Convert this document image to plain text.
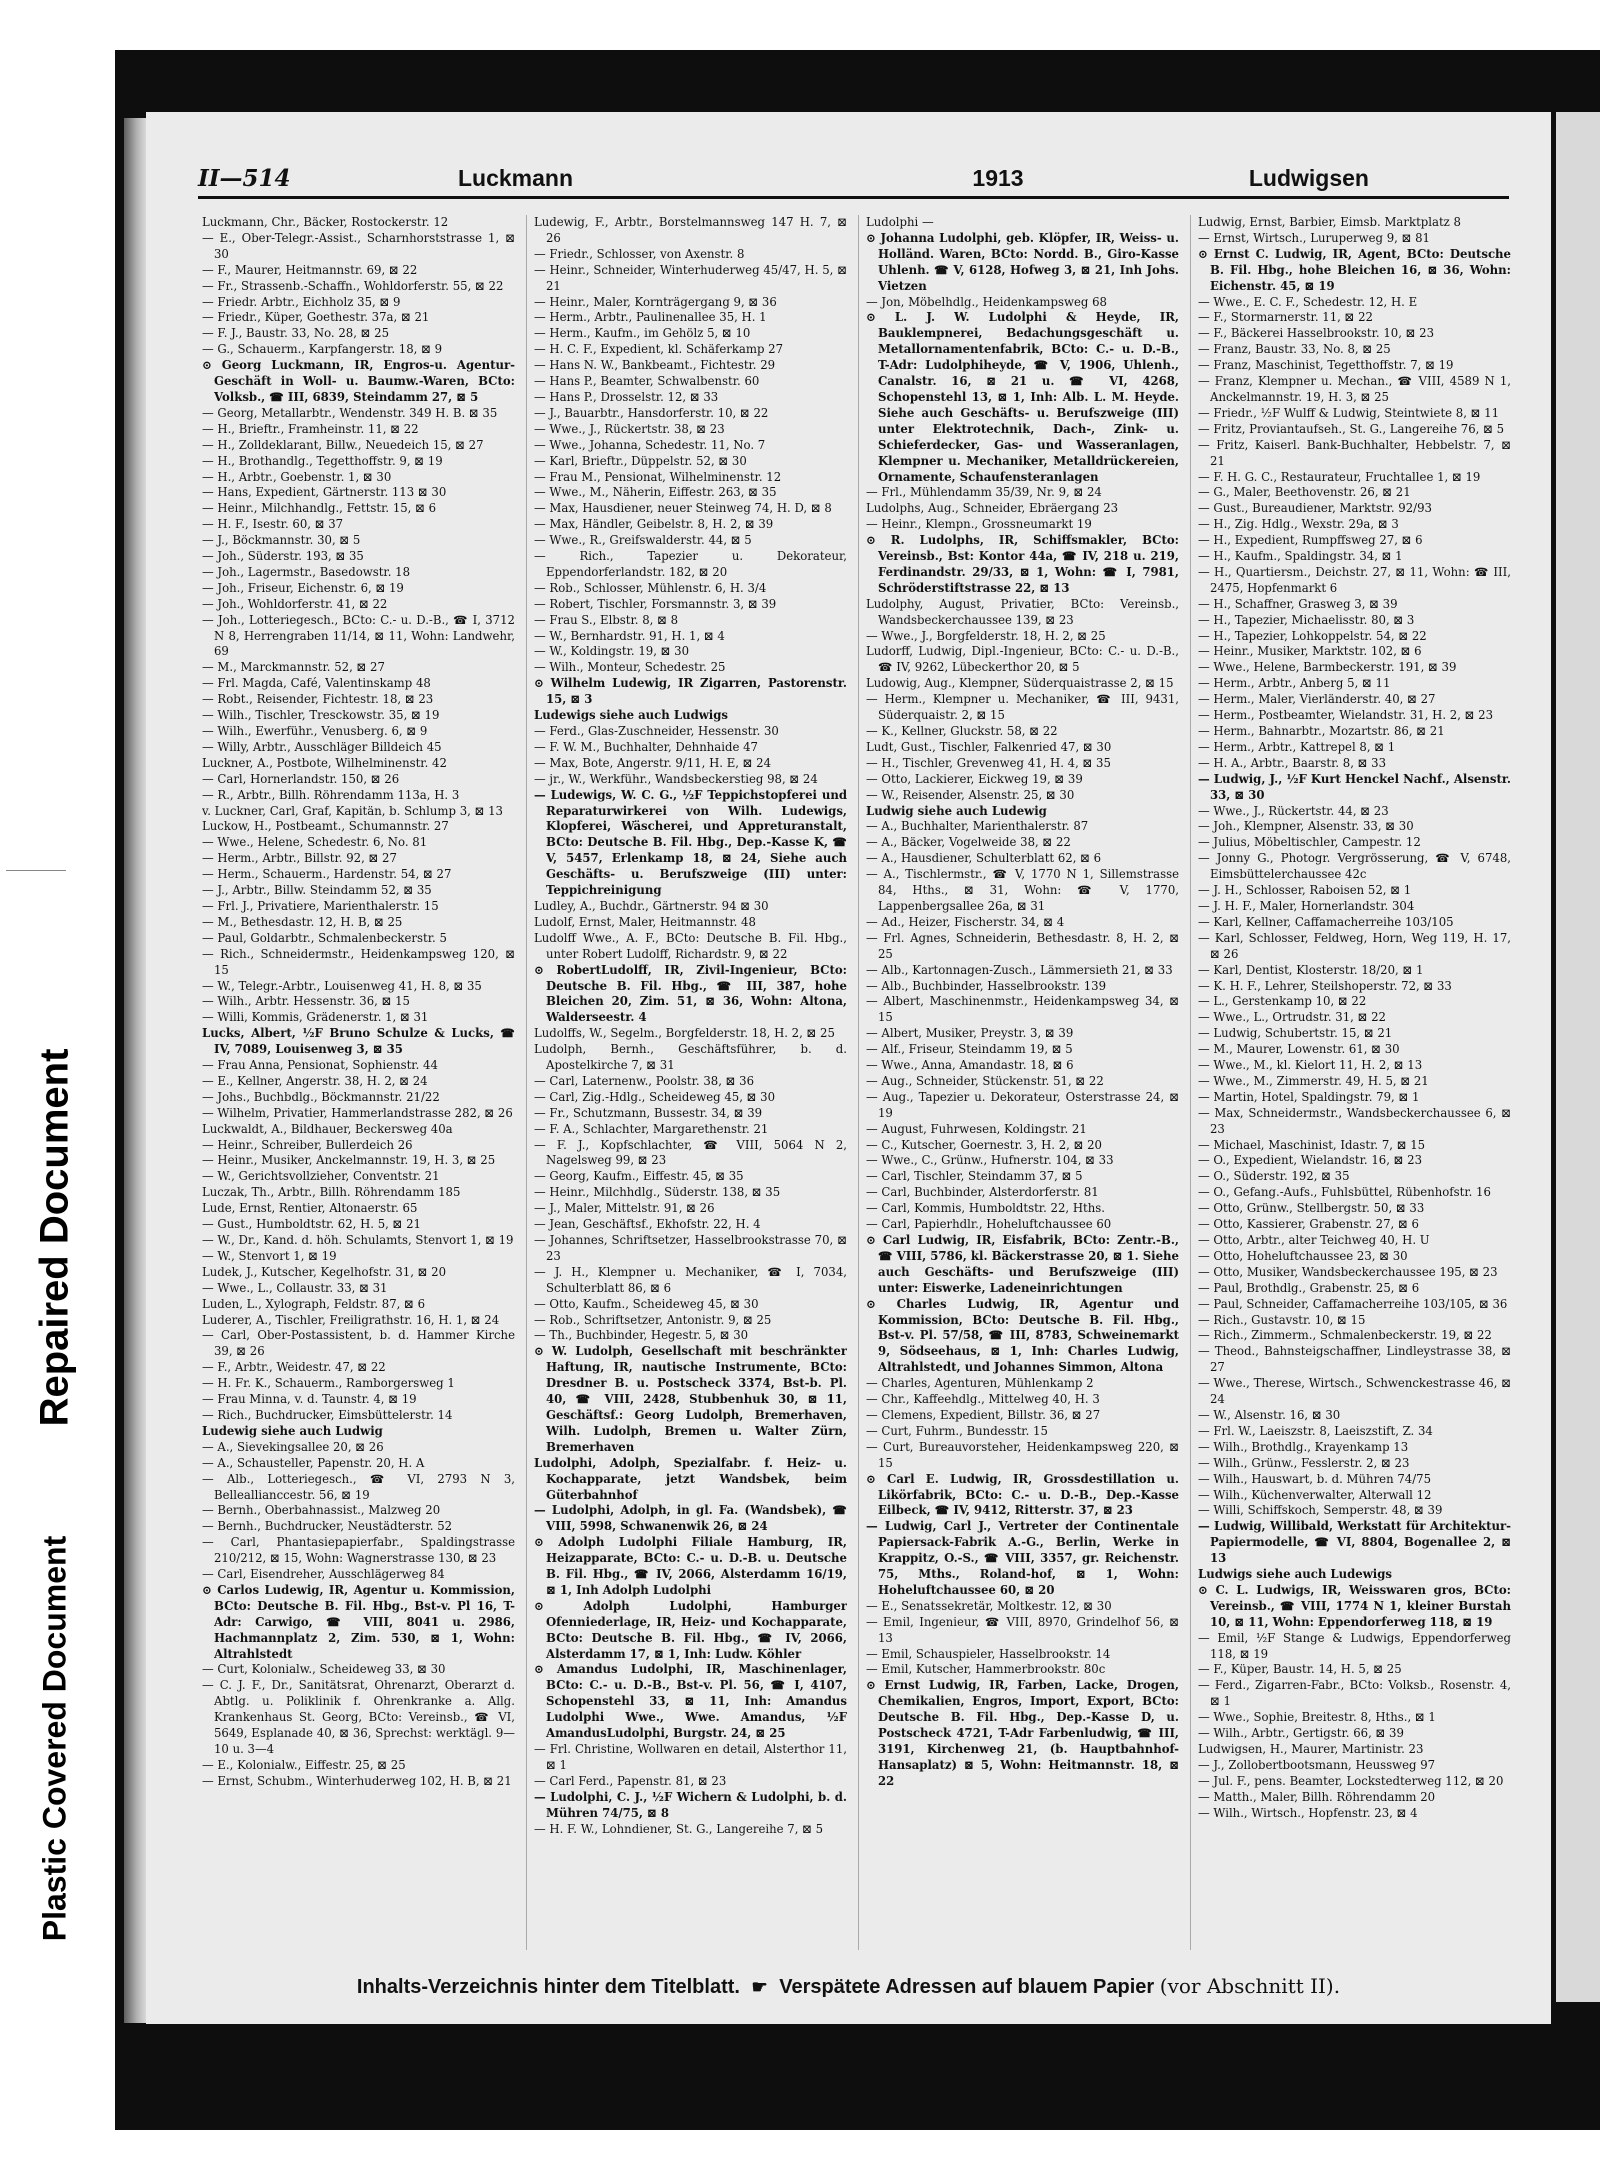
Plastic Covered Document
Repaired Document
II—514	Luckmann	1913	Ludwigsen

Luckmann, Chr., Bäcker, Rostockerstr. 12

— E., Ober-Telegr.-Assist., Scharnhorststrasse 1, ⊠ 30

— F., Maurer, Heitmannstr. 69, ⊠ 22

— Fr., Strassenb.-Schaffn., Wohldorferstr. 55, ⊠ 22

— Friedr. Arbtr., Eichholz 35, ⊠ 9

— Friedr., Küper, Goethestr. 37a, ⊠ 21

— F. J., Baustr. 33, No. 28, ⊠ 25

— G., Schauerm., Karpfangerstr. 18, ⊠ 9

⊙ Georg Luckmann, IR, Engros-u. Agentur-Geschäft in Woll- u. Baumw.-Waren, BCto: Volksb., ☎ III, 6839, Steindamm 27, ⊠ 5

— Georg, Metallarbtr., Wendenstr. 349 H. B. ⊠ 35

— H., Brieftr., Framheinstr. 11, ⊠ 22

— H., Zolldeklarant, Billw., Neuedeich 15, ⊠ 27

— H., Brothandlg., Tegetthoffstr. 9, ⊠ 19

— H., Arbtr., Goebenstr. 1, ⊠ 30

— Hans, Expedient, Gärtnerstr. 113 ⊠ 30

— Heinr., Milchhandlg., Fettstr. 15, ⊠ 6

— H. F., Isestr. 60, ⊠ 37

— J., Böckmannstr. 30, ⊠ 5

— Joh., Süderstr. 193, ⊠ 35

— Joh., Lagermstr., Basedowstr. 18

— Joh., Friseur, Eichenstr. 6, ⊠ 19

— Joh., Wohldorferstr. 41, ⊠ 22

— Joh., Lotteriegesch., BCto: C.- u. D.-B., ☎ I, 3712 N 8, Herrengraben 11/14, ⊠ 11, Wohn: Landwehr, 69

— M., Marckmannstr. 52, ⊠ 27

— Frl. Magda, Café, Valentinskamp 48

— Robt., Reisender, Fichtestr. 18, ⊠ 23

— Wilh., Tischler, Tresckowstr. 35, ⊠ 19

— Wilh., Ewerführ., Venusberg. 6, ⊠ 9

— Willy, Arbtr., Ausschläger Billdeich 45

Luckner, A., Postbote, Wilhelminenstr. 42

— Carl, Hornerlandstr. 150, ⊠ 26

— R., Arbtr., Billh. Röhrendamm 113a, H. 3

v. Luckner, Carl, Graf, Kapitän, b. Schlump 3, ⊠ 13

Luckow, H., Postbeamt., Schumannstr. 27

— Wwe., Helene, Schedestr. 6, No. 81

— Herm., Arbtr., Billstr. 92, ⊠ 27

— Herm., Schauerm., Hardenstr. 54, ⊠ 27

— J., Arbtr., Billw. Steindamm 52, ⊠ 35

— Frl. J., Privatiere, Marienthalerstr. 15

— M., Bethesdastr. 12, H. B, ⊠ 25

— Paul, Goldarbtr., Schmalenbeckerstr. 5

— Rich., Schneidermstr., Heidenkampsweg 120, ⊠ 15

— W., Telegr.-Arbtr., Louisenweg 41, H. 8, ⊠ 35

— Wilh., Arbtr. Hessenstr. 36, ⊠ 15

— Willi, Kommis, Grädenerstr. 1, ⊠ 31

Lucks, Albert, ½F Bruno Schulze & Lucks, ☎ IV, 7089, Louisenweg 3, ⊠ 35

— Frau Anna, Pensionat, Sophienstr. 44

— E., Kellner, Angerstr. 38, H. 2, ⊠ 24

— Johs., Buchbdlg., Böckmannstr. 21/22

— Wilhelm, Privatier, Hammerlandstrasse 282, ⊠ 26

Luckwaldt, A., Bildhauer, Beckersweg 40a

— Heinr., Schreiber, Bullerdeich 26

— Heinr., Musiker, Anckelmannstr. 19, H. 3, ⊠ 25

— W., Gerichtsvollzieher, Conventstr. 21

Luczak, Th., Arbtr., Billh. Röhrendamm 185

Lude, Ernst, Rentier, Altonaerstr. 65

— Gust., Humboldtstr. 62, H. 5, ⊠ 21

— W., Dr., Kand. d. höh. Schulamts, Stenvort 1, ⊠ 19

— W., Stenvort 1, ⊠ 19

Ludek, J., Kutscher, Kegelhofstr. 31, ⊠ 20

— Wwe., L., Collaustr. 33, ⊠ 31

Luden, L., Xylograph, Feldstr. 87, ⊠ 6

Luderer, A., Tischler, Freiligrathstr. 16, H. 1, ⊠ 24

— Carl, Ober-Postassistent, b. d. Hammer Kirche 39, ⊠ 26

— F., Arbtr., Weidestr. 47, ⊠ 22

— H. Fr. K., Schauerm., Ramborgersweg 1

— Frau Minna, v. d. Taunstr. 4, ⊠ 19

— Rich., Buchdrucker, Eimsbüttelerstr. 14

Ludewig siehe auch Ludwig

— A., Sievekingsallee 20, ⊠ 26

— A., Schausteller, Papenstr. 20, H. A

— Alb., Lotteriegesch., ☎ VI, 2793 N 3, Belleallianccestr. 56, ⊠ 19

— Bernh., Oberbahnassist., Malzweg 20

— Bernh., Buchdrucker, Neustädterstr. 52

— Carl, Phantasiepapierfabr., Spaldingstrasse 210/212, ⊠ 15, Wohn: Wagnerstrasse 130, ⊠ 23

— Carl, Eisendreher, Ausschlägerweg 84

⊙ Carlos Ludewig, IR, Agentur u. Kommission, BCto: Deutsche B. Fil. Hbg., Bst-v. Pl 16, T-Adr: Carwigo, ☎ VIII, 8041 u. 2986, Hachmannplatz 2, Zim. 530, ⊠ 1, Wohn: Altrahlstedt

— Curt, Kolonialw., Scheideweg 33, ⊠ 30

— C. J. F., Dr., Sanitätsrat, Ohrenarzt, Oberarzt d. Abtlg. u. Poliklinik f. Ohrenkranke a. Allg. Krankenhaus St. Georg, BCto: Vereinsb., ☎ VI, 5649, Esplanade 40, ⊠ 36, Sprechst: werktägl. 9—10 u. 3—4

— E., Kolonialw., Eiffestr. 25, ⊠ 25

— Ernst, Schubm., Winterhuderweg 102, H. B, ⊠ 21

Ludewig, F., Arbtr., Borstelmannsweg 147 H. 7, ⊠ 26

— Friedr., Schlosser, von Axenstr. 8

— Heinr., Schneider, Winterhuderweg 45/47, H. 5, ⊠ 21

— Heinr., Maler, Kornträgergang 9, ⊠ 36

— Herm., Arbtr., Paulinenallee 35, H. 1

— Herm., Kaufm., im Gehölz 5, ⊠ 10

— H. C. F., Expedient, kl. Schäferkamp 27

— Hans N. W., Bankbeamt., Fichtestr. 29

— Hans P., Beamter, Schwalbenstr. 60

— Hans P., Drosselstr. 12, ⊠ 33

— J., Bauarbtr., Hansdorferstr. 10, ⊠ 22

— Wwe., J., Rückertstr. 38, ⊠ 23

— Wwe., Johanna, Schedestr. 11, No. 7

— Karl, Brieftr., Düppelstr. 52, ⊠ 30

— Frau M., Pensionat, Wilhelminenstr. 12

— Wwe., M., Näherin, Eiffestr. 263, ⊠ 35

— Max, Hausdiener, neuer Steinweg 74, H. D, ⊠ 8

— Max, Händler, Geibelstr. 8, H. 2, ⊠ 39

— Wwe., R., Greifswalderstr. 44, ⊠ 5

— Rich., Tapezier u. Dekorateur, Eppendorferlandstr. 182, ⊠ 20

— Rob., Schlosser, Mühlenstr. 6, H. 3/4

— Robert, Tischler, Forsmannstr. 3, ⊠ 39

— Frau S., Elbstr. 8, ⊠ 8

— W., Bernhardstr. 91, H. 1, ⊠ 4

— W., Koldingstr. 19, ⊠ 30

— Wilh., Monteur, Schedestr. 25

⊙ Wilhelm Ludewig, IR Zigarren, Pastorenstr. 15, ⊠ 3

Ludewigs siehe auch Ludwigs

— Ferd., Glas-Zuschneider, Hessenstr. 30

— F. W. M., Buchhalter, Dehnhaide 47

— Max, Bote, Angerstr. 9/11, H. E, ⊠ 24

— jr., W., Werkführ., Wandsbeckerstieg 98, ⊠ 24

— Ludewigs, W. C. G., ½F Teppichstopferei und Reparaturwirkerei von Wilh. Ludewigs, Klopferei, Wäscherei, und Appreturanstalt, BCto: Deutsche B. Fil. Hbg., Dep.-Kasse K, ☎ V, 5457, Erlenkamp 18, ⊠ 24, Siehe auch Geschäfts- u. Berufszweige (III) unter: Teppichreinigung

Ludley, A., Buchdr., Gärtnerstr. 94 ⊠ 30

Ludolf, Ernst, Maler, Heitmannstr. 48

Ludolff Wwe., A. F., BCto: Deutsche B. Fil. Hbg., unter Robert Ludolff, Richardstr. 9, ⊠ 22

⊙ RobertLudolff, IR, Zivil-Ingenieur, BCto: Deutsche B. Fil. Hbg., ☎ III, 387, hohe Bleichen 20, Zim. 51, ⊠ 36, Wohn: Altona, Walderseestr. 4

Ludolffs, W., Segelm., Borgfelderstr. 18, H. 2, ⊠ 25

Ludolph, Bernh., Geschäftsführer, b. d. Apostelkirche 7, ⊠ 31

— Carl, Laternenw., Poolstr. 38, ⊠ 36

— Carl, Zig.-Hdlg., Scheideweg 45, ⊠ 30

— Fr., Schutzmann, Bussestr. 34, ⊠ 39

— F. A., Schlachter, Margarethenstr. 21

— F. J., Kopfschlachter, ☎ VIII, 5064 N 2, Nagelsweg 99, ⊠ 23

— Georg, Kaufm., Eiffestr. 45, ⊠ 35

— Heinr., Milchhdlg., Süderstr. 138, ⊠ 35

— J., Maler, Mittelstr. 91, ⊠ 26

— Jean, Geschäftsf., Ekhofstr. 22, H. 4

— Johannes, Schriftsetzer, Hasselbrookstrasse 70, ⊠ 23

— J. H., Klempner u. Mechaniker, ☎ I, 7034, Schulterblatt 86, ⊠ 6

— Otto, Kaufm., Scheideweg 45, ⊠ 30

— Rob., Schriftsetzer, Antonistr. 9, ⊠ 25

— Th., Buchbinder, Hegestr. 5, ⊠ 30

⊙ W. Ludolph, Gesellschaft mit beschränkter Haftung, IR, nautische Instrumente, BCto: Dresdner B. u. Postscheck 3374, Bst-b. Pl. 40, ☎ VIII, 2428, Stubbenhuk 30, ⊠ 11, Geschäftsf.: Georg Ludolph, Bremerhaven, Wilh. Ludolph, Bremen u. Walter Zürn, Bremerhaven

Ludolphi, Adolph, Spezialfabr. f. Heiz- u. Kochapparate, jetzt Wandsbek, beim Güterbahnhof

— Ludolphi, Adolph, in gl. Fa. (Wandsbek), ☎ VIII, 5998, Schwanenwik 26, ⊠ 24

⊙ Adolph Ludolphi Filiale Hamburg, IR, Heizapparate, BCto: C.- u. D.-B. u. Deutsche B. Fil. Hbg., ☎ IV, 2066, Alsterdamm 16/19, ⊠ 1, Inh Adolph Ludolphi

⊙ Adolph Ludolphi, Hamburger Ofenniederlage, IR, Heiz- und Kochapparate, BCto: Deutsche B. Fil. Hbg., ☎ IV, 2066, Alsterdamm 17, ⊠ 1, Inh: Ludw. Köhler

⊙ Amandus Ludolphi, IR, Maschinenlager, BCto: C.- u. D.-B., Bst-v. Pl. 56, ☎ I, 4107, Schopenstehl 33, ⊠ 11, Inh: Amandus Ludolphi Wwe., Wwe. Amandus, ½F AmandusLudolphi, Burgstr. 24, ⊠ 25

— Frl. Christine, Wollwaren en detail, Alsterthor 11, ⊠ 1

— Carl Ferd., Papenstr. 81, ⊠ 23

— Ludolphi, C. J., ½F Wichern & Ludolphi, b. d. Mühren 74/75, ⊠ 8

— H. F. W., Lohndiener, St. G., Langereihe 7, ⊠ 5

Ludolphi —

⊙ Johanna Ludolphi, geb. Klöpfer, IR, Weiss- u. Holländ. Waren, BCto: Nordd. B., Giro-Kasse Uhlenh. ☎ V, 6128, Hofweg 3, ⊠ 21, Inh Johs. Vietzen

— Jon, Möbelhdlg., Heidenkampsweg 68

⊙ L. J. W. Ludolphi & Heyde, IR, Bauklempnerei, Bedachungsgeschäft u. Metallornamentenfabrik, BCto: C.- u. D.-B., T-Adr: Ludolphiheyde, ☎ V, 1906, Uhlenh., Canalstr. 16, ⊠ 21 u. ☎ VI, 4268, Schopenstehl 13, ⊠ 1, Inh: Alb. L. M. Heyde. Siehe auch Geschäfts- u. Berufszweige (III) unter Elektrotechnik, Dach-, Zink- u. Schieferdecker, Gas- und Wasseranlagen, Klempner u. Mechaniker, Metalldrückereien, Ornamente, Schaufensteranlagen

— Frl., Mühlendamm 35/39, Nr. 9, ⊠ 24

Ludolphs, Aug., Schneider, Ebräergang 23

— Heinr., Klempn., Grossneumarkt 19

⊙ R. Ludolphs, IR, Schiffsmakler, BCto: Vereinsb., Bst: Kontor 44a, ☎ IV, 218 u. 219, Ferdinandstr. 29/33, ⊠ 1, Wohn: ☎ I, 7981, Schröderstiftstrasse 22, ⊠ 13

Ludolphy, August, Privatier, BCto: Vereinsb., Wandsbeckerchaussee 139, ⊠ 23

— Wwe., J., Borgfelderstr. 18, H. 2, ⊠ 25

Ludorff, Ludwig, Dipl.-Ingenieur, BCto: C.- u. D.-B., ☎ IV, 9262, Lübeckerthor 20, ⊠ 5

Ludowig, Aug., Klempner, Süderquaistrasse 2, ⊠ 15

— Herm., Klempner u. Mechaniker, ☎ III, 9431, Süderquaistr. 2, ⊠ 15

— K., Kellner, Gluckstr. 58, ⊠ 22

Ludt, Gust., Tischler, Falkenried 47, ⊠ 30

— H., Tischler, Grevenweg 41, H. 4, ⊠ 35

— Otto, Lackierer, Eickweg 19, ⊠ 39

— W., Reisender, Alsenstr. 25, ⊠ 30

Ludwig siehe auch Ludewig

— A., Buchhalter, Marienthalerstr. 87

— A., Bäcker, Vogelweide 38, ⊠ 22

— A., Hausdiener, Schulterblatt 62, ⊠ 6

— A., Tischlermstr., ☎ V, 1770 N 1, Sillemstrasse 84, Hths., ⊠ 31, Wohn: ☎ V, 1770, Lappenbergsallee 26a, ⊠ 31

— Ad., Heizer, Fischerstr. 34, ⊠ 4

— Frl. Agnes, Schneiderin, Bethesdastr. 8, H. 2, ⊠ 25

— Alb., Kartonnagen-Zusch., Lämmersieth 21, ⊠ 33

— Alb., Buchbinder, Hasselbrookstr. 139

— Albert, Maschinenmstr., Heidenkampsweg 34, ⊠ 15

— Albert, Musiker, Preystr. 3, ⊠ 39

— Alf., Friseur, Steindamm 19, ⊠ 5

— Wwe., Anna, Amandastr. 18, ⊠ 6

— Aug., Schneider, Stückenstr. 51, ⊠ 22

— Aug., Tapezier u. Dekorateur, Osterstrasse 24, ⊠ 19

— August, Fuhrwesen, Koldingstr. 21

— C., Kutscher, Goernestr. 3, H. 2, ⊠ 20

— Wwe., C., Grünw., Hufnerstr. 104, ⊠ 33

— Carl, Tischler, Steindamm 37, ⊠ 5

— Carl, Buchbinder, Alsterdorferstr. 81

— Carl, Kommis, Humboldtstr. 22, Hths.

— Carl, Papierhdlr., Hoheluftchaussee 60

⊙ Carl Ludwig, IR, Eisfabrik, BCto: Zentr.-B., ☎ VIII, 5786, kl. Bäckerstrasse 20, ⊠ 1. Siehe auch Geschäfts- und Berufszweige (III) unter: Eiswerke, Ladeneinrichtungen

⊙ Charles Ludwig, IR, Agentur und Kommission, BCto: Deutsche B. Fil. Hbg., Bst-v. Pl. 57/58, ☎ III, 8783, Schweinemarkt 9, Södseehaus, ⊠ 1, Inh: Charles Ludwig, Altrahlstedt, und Johannes Simmon, Altona

— Charles, Agenturen, Mühlenkamp 2

— Chr., Kaffeehdlg., Mittelweg 40, H. 3

— Clemens, Expedient, Billstr. 36, ⊠ 27

— Curt, Fuhrm., Bundesstr. 15

— Curt, Bureauvorsteher, Heidenkampsweg 220, ⊠ 15

⊙ Carl E. Ludwig, IR, Grossdestillation u. Likörfabrik, BCto: C.- u. D.-B., Dep.-Kasse Eilbeck, ☎ IV, 9412, Ritterstr. 37, ⊠ 23

— Ludwig, Carl J., Vertreter der Continentale Papiersack-Fabrik A.-G., Berlin, Werke in Krappitz, O.-S., ☎ VIII, 3357, gr. Reichenstr. 75, Mths., Roland-hof, ⊠ 1, Wohn: Hoheluftchaussee 60, ⊠ 20

— E., Senatssekretär, Moltkestr. 12, ⊠ 30

— Emil, Ingenieur, ☎ VIII, 8970, Grindelhof 56, ⊠ 13

— Emil, Schauspieler, Hasselbrookstr. 14

— Emil, Kutscher, Hammerbrookstr. 80c

⊙ Ernst Ludwig, IR, Farben, Lacke, Drogen, Chemikalien, Engros, Import, Export, BCto: Deutsche B. Fil. Hbg., Dep.-Kasse D, u. Postscheck 4721, T-Adr Farbenludwig, ☎ III, 3191, Kirchenweg 21, (b. Hauptbahnhof-Hansaplatz) ⊠ 5, Wohn: Heitmannstr. 18, ⊠ 22

Ludwig, Ernst, Barbier, Eimsb. Marktplatz 8

— Ernst, Wirtsch., Luruperweg 9, ⊠ 81

⊙ Ernst C. Ludwig, IR, Agent, BCto: Deutsche B. Fil. Hbg., hohe Bleichen 16, ⊠ 36, Wohn: Eichenstr. 45, ⊠ 19

— Wwe., E. C. F., Schedestr. 12, H. E

— F., Stormarnerstr. 11, ⊠ 22

— F., Bäckerei Hasselbrookstr. 10, ⊠ 23

— Franz, Baustr. 33, No. 8, ⊠ 25

— Franz, Maschinist, Tegetthoffstr. 7, ⊠ 19

— Franz, Klempner u. Mechan., ☎ VIII, 4589 N 1, Anckelmannstr. 19, H. 3, ⊠ 25

— Friedr., ½F Wulff & Ludwig, Steintwiete 8, ⊠ 11

— Fritz, Proviantaufseh., St. G., Langereihe 76, ⊠ 5

— Fritz, Kaiserl. Bank-Buchhalter, Hebbelstr. 7, ⊠ 21

— F. H. G. C., Restaurateur, Fruchtallee 1, ⊠ 19

— G., Maler, Beethovenstr. 26, ⊠ 21

— Gust., Bureaudiener, Marktstr. 92/93

— H., Zig. Hdlg., Wexstr. 29a, ⊠ 3

— H., Expedient, Rumpffsweg 27, ⊠ 6

— H., Kaufm., Spaldingstr. 34, ⊠ 1

— H., Quartiersm., Deichstr. 27, ⊠ 11, Wohn: ☎ III, 2475, Hopfenmarkt 6

— H., Schaffner, Grasweg 3, ⊠ 39

— H., Tapezier, Michaelisstr. 80, ⊠ 3

— H., Tapezier, Lohkoppelstr. 54, ⊠ 22

— Heinr., Musiker, Marktstr. 102, ⊠ 6

— Wwe., Helene, Barmbeckerstr. 191, ⊠ 39

— Herm., Arbtr., Anberg 5, ⊠ 11

— Herm., Maler, Vierländerstr. 40, ⊠ 27

— Herm., Postbeamter, Wielandstr. 31, H. 2, ⊠ 23

— Herm., Bahnarbtr., Mozartstr. 86, ⊠ 21

— Herm., Arbtr., Kattrepel 8, ⊠ 1

— H. A., Arbtr., Baarstr. 8, ⊠ 33

— Ludwig, J., ½F Kurt Henckel Nachf., Alsenstr. 33, ⊠ 30

— Wwe., J., Rückertstr. 44, ⊠ 23

— Joh., Klempner, Alsenstr. 33, ⊠ 30

— Julius, Möbeltischler, Campestr. 12

— Jonny G., Photogr. Vergrösserung, ☎ V, 6748, Eimsbüttelerchaussee 42c

— J. H., Schlosser, Raboisen 52, ⊠ 1

— J. H. F., Maler, Hornerlandstr. 304

— Karl, Kellner, Caffamacherreihe 103/105

— Karl, Schlosser, Feldweg, Horn, Weg 119, H. 17, ⊠ 26

— Karl, Dentist, Klosterstr. 18/20, ⊠ 1

— K. H. F., Lehrer, Steilshoperstr. 72, ⊠ 33

— L., Gerstenkamp 10, ⊠ 22

— Wwe., L., Ortrudstr. 31, ⊠ 22

— Ludwig, Schubertstr. 15, ⊠ 21

— M., Maurer, Lowenstr. 61, ⊠ 30

— Wwe., M., kl. Kielort 11, H. 2, ⊠ 13

— Wwe., M., Zimmerstr. 49, H. 5, ⊠ 21

— Martin, Hotel, Spaldingstr. 79, ⊠ 1

— Max, Schneidermstr., Wandsbeckerchaussee 6, ⊠ 23

— Michael, Maschinist, Idastr. 7, ⊠ 15

— O., Expedient, Wielandstr. 16, ⊠ 23

— O., Süderstr. 192, ⊠ 35

— O., Gefang.-Aufs., Fuhlsbüttel, Rübenhofstr. 16

— Otto, Grünw., Stellbergstr. 50, ⊠ 33

— Otto, Kassierer, Grabenstr. 27, ⊠ 6

— Otto, Arbtr., alter Teichweg 40, H. U

— Otto, Hoheluftchaussee 23, ⊠ 30

— Otto, Musiker, Wandsbeckerchaussee 195, ⊠ 23

— Paul, Brothdlg., Grabenstr. 25, ⊠ 6

— Paul, Schneider, Caffamacherreihe 103/105, ⊠ 36

— Rich., Gustavstr. 10, ⊠ 15

— Rich., Zimmerm., Schmalenbeckerstr. 19, ⊠ 22

— Theod., Bahnsteigschaffner, Lindleystrasse 38, ⊠ 27

— Wwe., Therese, Wirtsch., Schwenckestrasse 46, ⊠ 24

— W., Alsenstr. 16, ⊠ 30

— Frl. W., Laeiszstr. 8, Laeiszstift, Z. 34

— Wilh., Brothdlg., Krayenkamp 13

— Wilh., Grünw., Fesslerstr. 2, ⊠ 23

— Wilh., Hauswart, b. d. Mühren 74/75

— Wilh., Küchenverwalter, Alterwall 12

— Willi, Schiffskoch, Semperstr. 48, ⊠ 39

— Ludwig, Willibald, Werkstatt für Architektur-Papiermodelle, ☎ VI, 8804, Bogenallee 2, ⊠ 13

Ludwigs siehe auch Ludewigs

⊙ C. L. Ludwigs, IR, Weisswaren gros, BCto: Vereinsb., ☎ VIII, 1774 N 1, kleiner Burstah 10, ⊠ 11, Wohn: Eppendorferweg 118, ⊠ 19

— Emil, ½F Stange & Ludwigs, Eppendorferweg 118, ⊠ 19

— F., Küper, Baustr. 14, H. 5, ⊠ 25

— Ferd., Zigarren-Fabr., BCto: Volksb., Rosenstr. 4, ⊠ 1

— Wwe., Sophie, Breitestr. 8, Hths., ⊠ 1

— Wilh., Arbtr., Gertigstr. 66, ⊠ 39

Ludwigsen, H., Maurer, Martinistr. 23

— J., Zollobertbootsmann, Heussweg 97

— Jul. F., pens. Beamter, Lockstedterweg 112, ⊠ 20

— Matth., Maler, Billh. Röhrendamm 20

— Wilh., Wirtsch., Hopfenstr. 23, ⊠ 4

Inhalts-Verzeichnis hinter dem Titelblatt. ☛ Verspätete Adressen auf blauem Papier (vor Abschnitt II).
